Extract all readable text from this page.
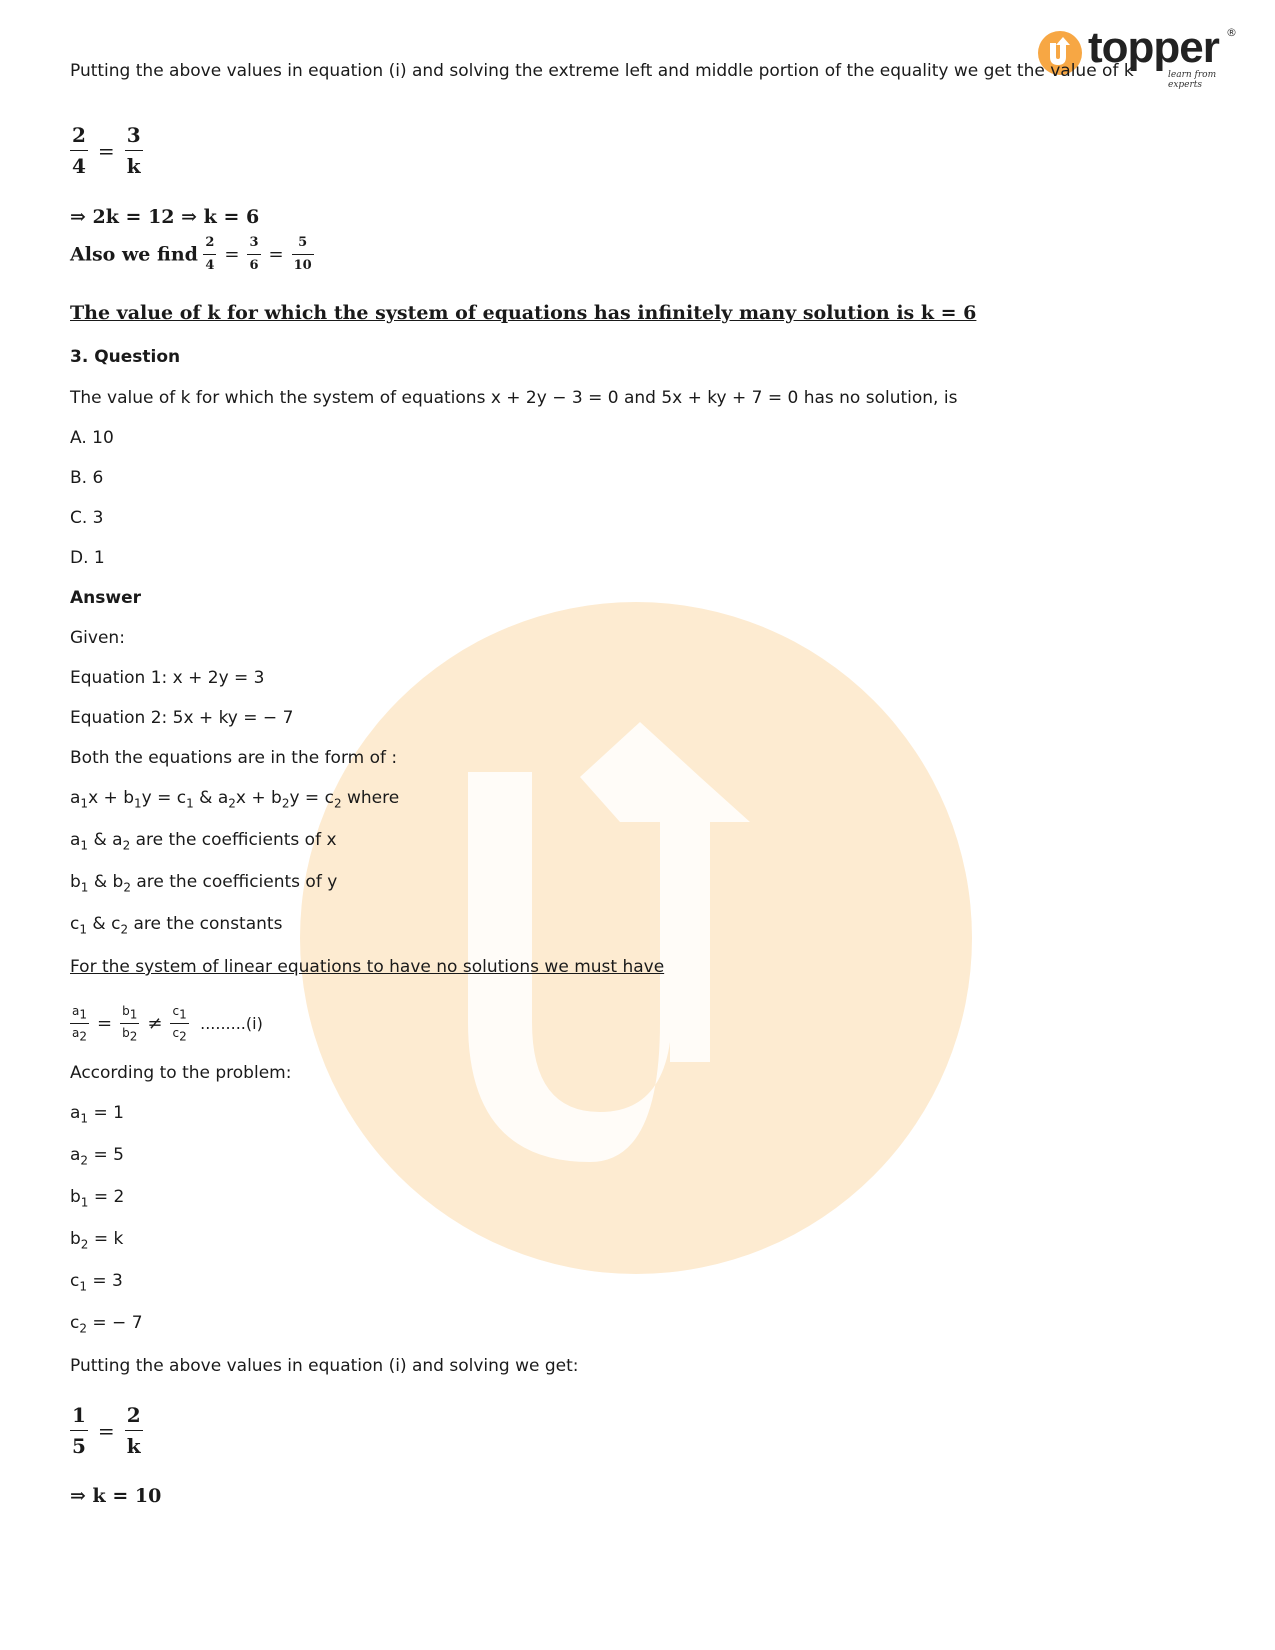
topper
learn from experts
®
Putting the above values in equation (i) and solving the extreme left and middle portion of the equality we get the value of k
$\frac{2}{4} = \frac{3}{k}$
⇒ 2k = 12 ⇒ k = 6
Also we find $\frac{2}{4} = \frac{3}{6} = \frac{5}{10}$
The value of k for which the system of equations has infinitely many solution is k = 6
3. Question
The value of k for which the system of equations x + 2y − 3 = 0 and 5x + ky + 7 = 0 has no solution, is
A. 10
B. 6
C. 3
D. 1
Answer
Given:
Equation 1: x + 2y = 3
Equation 2: 5x + ky = − 7
Both the equations are in the form of :
$a_1x + b_1y = c_1$ & $a_2x + b_2y = c_2$ where
$a_1$ & $a_2$ are the coefficients of x
$b_1$ & $b_2$ are the coefficients of y
$c_1$ & $c_2$ are the constants
For the system of linear equations to have no solutions we must have
$\frac{a_1}{a_2} = \frac{b_1}{b_2} \ne \frac{c_1}{c_2} .........(i)$
According to the problem:
$a_1 = 1$
$a_2 = 5$
$b_1 = 2$
$b_2 = k$
$c_1 = 3$
$c_2$ = − 7
Putting the above values in equation (i) and solving we get:
$\frac{1}{5} = \frac{2}{k}$
⇒ k = 10
